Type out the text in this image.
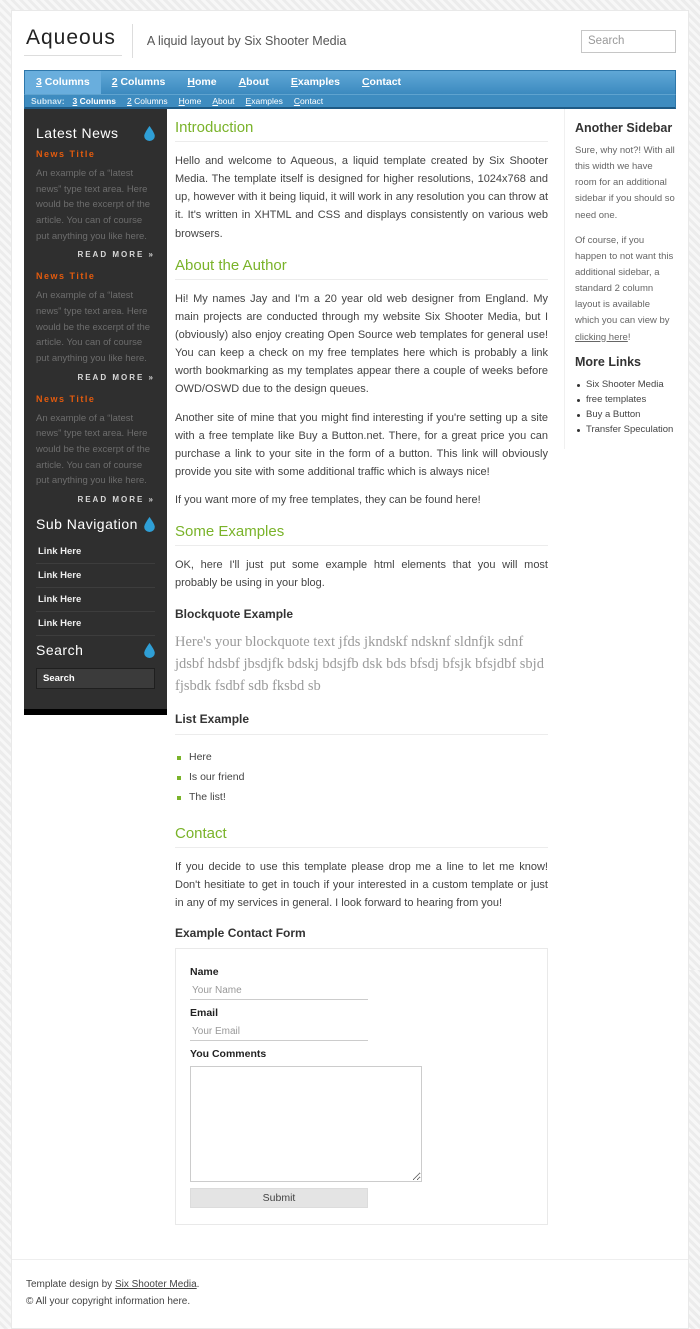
Aqueous	A liquid layout by Six Shooter Media
Search
3 Columns	2 Columns	Home	About	Examples	Contact
Subnav: 3 Columns 2 Columns Home About Examples Contact
Latest News
News Title

An example of a “latest news” type text area. Here would be the excerpt of the article. You can of course put anything you like here.

READ MORE »
News Title

An example of a “latest news” type text area. Here would be the excerpt of the article. You can of course put anything you like here.

READ MORE »
News Title

An example of a “latest news” type text area. Here would be the excerpt of the article. You can of course put anything you like here.

READ MORE »
Sub Navigation
Link Here
Link Here
Link Here
Link Here
Search
Search
Introduction

Hello and welcome to Aqueous, a liquid template created by Six Shooter Media. The template itself is designed for higher resolutions, 1024x768 and up, however with it being liquid, it will work in any resolution you can throw at it. It's written in XHTML and CSS and displays consistently on various web browsers.

About the Author

Hi! My names Jay and I'm a 20 year old web designer from England. My main projects are conducted through my website Six Shooter Media, but I (obviously) also enjoy creating Open Source web templates for general use! You can keep a check on my free templates here which is probably a link worth bookmarking as my templates appear there a couple of weeks before OWD/OSWD due to the design queues.

Another site of mine that you might find interesting if you're setting up a site with a free template like Buy a Button.net. There, for a great price you can purchase a link to your site in the form of a button. This link will obviously provide you site with some additional traffic which is always nice!

If you want more of my free templates, they can be found here!

Some Examples

OK, here I'll just put some example html elements that you will most probably be using in your blog.

Blockquote Example
Here's your blockquote text jfds jkndskf ndsknf sldnfjk sdnf jdsbf hdsbf jbsdjfk bdskj bdsjfb dsk bds bfsdj bfsjk bfsjdbf sbjd fjsbdk fsdbf sdb fksbd sb
List Example
Here
Is our friend
The list!
Contact

If you decide to use this template please drop me a line to let me know! Don't hesitiate to get in touch if your interested in a custom template or just in any of my services in general. I look forward to hearing from you!

Example Contact Form
Name
Your Name
Email
Your Email
You Comments
Submit
Another Sidebar

Sure, why not?! With all this width we have room for an additional sidebar if you should so need one.

Of course, if you happen to not want this additional sidebar, a standard 2 column layout is available which you can view by clicking here!

More Links
Six Shooter Media
free templates
Buy a Button
Transfer Speculation

Template design by Six Shooter Media.

© All your copyright information here.
